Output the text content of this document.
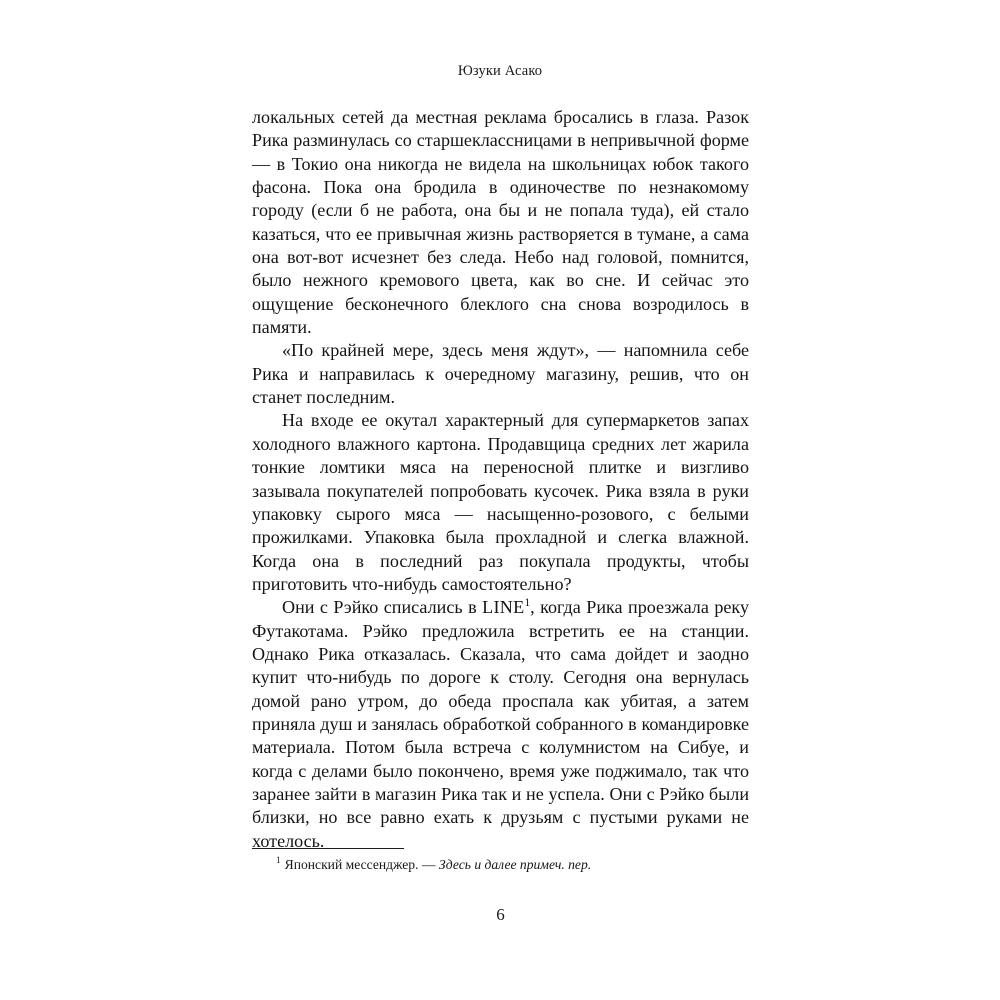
Юзуки Асако

локальных сетей да местная реклама бросались в глаза. Разок Рика разминулась со старшеклассницами в непривычной форме — в Токио она никогда не видела на школьницах юбок такого фасона. Пока она бродила в одиночестве по незнакомому городу (если б не работа, она бы и не попала туда), ей стало казаться, что ее привычная жизнь растворяется в тумане, а сама она вот-вот исчезнет без следа. Небо над головой, помнится, было нежного кремового цвета, как во сне. И сейчас это ощущение бесконечного блеклого сна снова возродилось в памяти.

«По крайней мере, здесь меня ждут», — напомнила себе Рика и направилась к очередному магазину, решив, что он станет последним.

На входе ее окутал характерный для супермаркетов запах холодного влажного картона. Продавщица средних лет жарила тонкие ломтики мяса на переносной плитке и визгливо зазывала покупателей попробовать кусочек. Рика взяла в руки упаковку сырого мяса — насыщенно-розового, с белыми прожилками. Упаковка была прохладной и слегка влажной. Когда она в последний раз покупала продукты, чтобы приготовить что-нибудь самостоятельно?

Они с Рэйко списались в LINE$^1$, когда Рика проезжала реку Футакотама. Рэйко предложила встретить ее на станции. Однако Рика отказалась. Сказала, что сама дойдет и заодно купит что-нибудь по дороге к столу. Сегодня она вернулась домой рано утром, до обеда проспала как убитая, а затем приняла душ и занялась обработкой собранного в командировке материала. Потом была встреча с колумнистом на Сибуе, и когда с делами было покончено, время уже поджимало, так что заранее зайти в магазин Рика так и не успела. Они с Рэйко были близки, но все равно ехать к друзьям с пустыми руками не хотелось.

$^1$ Японский мессенджер. — Здесь и далее примеч. пер.

6
